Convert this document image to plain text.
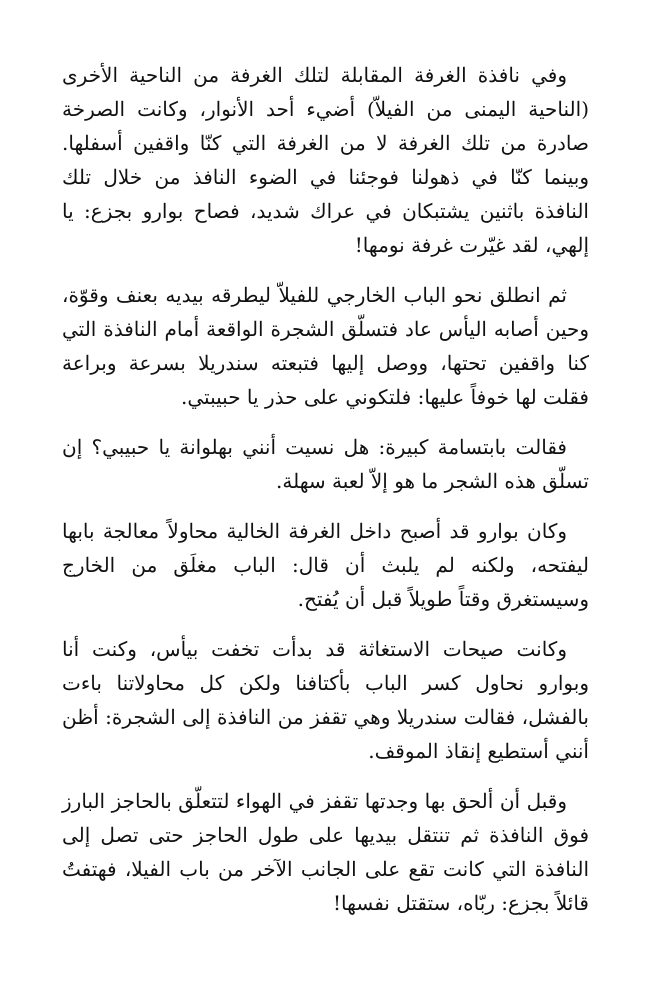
وفي نافذة الغرفة المقابلة لتلك الغرفة من الناحية الأخرى (الناحية اليمنى من الفيلاّ) أضيء أحد الأنوار، وكانت الصرخة صادرة من تلك الغرفة لا من الغرفة التي كنّا واقفين أسفلها. وبينما كنّا في ذهولنا فوجئنا في الضوء النافذ من خلال تلك النافذة باثنين يشتبكان في عراك شديد، فصاح بوارو بجزع: يا إلهي، لقد غيّرت غرفة نومها!

ثم انطلق نحو الباب الخارجي للفيلاّ ليطرقه بيديه بعنف وقوّة، وحين أصابه اليأس عاد فتسلّق الشجرة الواقعة أمام النافذة التي كنا واقفين تحتها، ووصل إليها فتبعته سندريلا بسرعة وبراعة فقلت لها خوفاً عليها: فلتكوني على حذر يا حبيبتي.

فقالت بابتسامة كبيرة: هل نسيت أنني بهلوانة يا حبيبي؟ إن تسلّق هذه الشجر ما هو إلاّ لعبة سهلة.

وكان بوارو قد أصبح داخل الغرفة الخالية محاولاً معالجة بابها ليفتحه، ولكنه لم يلبث أن قال: الباب مغلَق من الخارج وسيستغرق وقتاً طويلاً قبل أن يُفتح.

وكانت صيحات الاستغاثة قد بدأت تخفت بيأس، وكنت أنا وبوارو نحاول كسر الباب بأكتافنا ولكن كل محاولاتنا باءت بالفشل، فقالت سندريلا وهي تقفز من النافذة إلى الشجرة: أظن أنني أستطيع إنقاذ الموقف.

وقبل أن ألحق بها وجدتها تقفز في الهواء لتتعلّق بالحاجز البارز فوق النافذة ثم تنتقل بيديها على طول الحاجز حتى تصل إلى النافذة التي كانت تقع على الجانب الآخر من باب الفيلا، فهتفتُ قائلاً بجزع: ربّاه، ستقتل نفسها!
